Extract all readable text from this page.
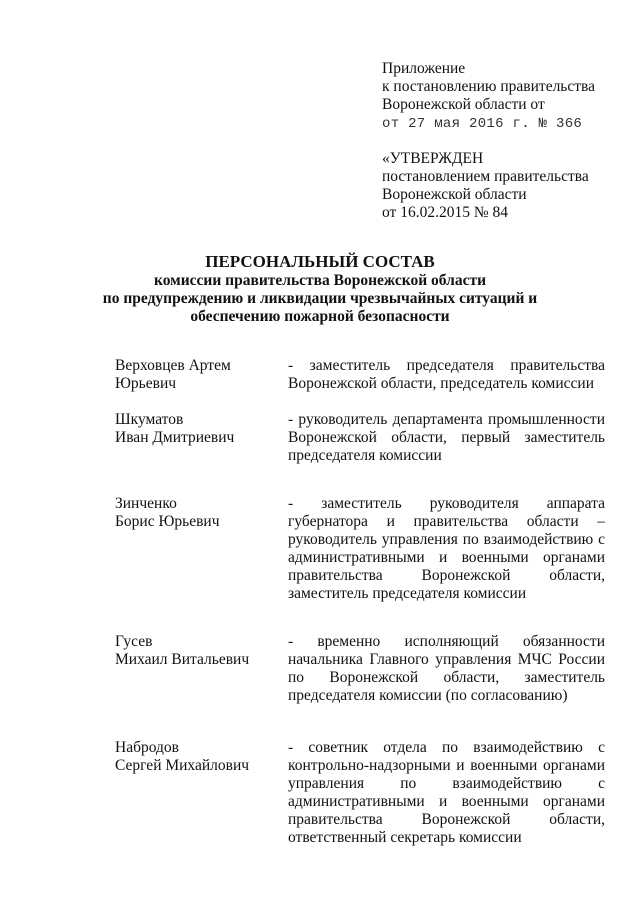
Приложение
к постановлению правительства
Воронежской области от
от 27 мая 2016 г. № 366
«УТВЕРЖДЕН
постановлением правительства
Воронежской области
от 16.02.2015 № 84
ПЕРСОНАЛЬНЫЙ СОСТАВ
комиссии правительства Воронежской области
по предупреждению и ликвидации чрезвычайных ситуаций и
обеспечению пожарной безопасности
Верховцев Артем
Юрьевич
- заместитель председателя правительства Воронежской области, председатель комиссии
Шкуматов
Иван Дмитриевич
- руководитель департамента промышленности Воронежской области, первый заместитель председателя комиссии
Зинченко
Борис Юрьевич
- заместитель руководителя аппарата губернатора и правительства области – руководитель управления по взаимодействию с административными и военными органами правительства Воронежской области, заместитель председателя комиссии
Гусев
Михаил Витальевич
- временно исполняющий обязанности начальника Главного управления МЧС России по Воронежской области, заместитель председателя комиссии (по согласованию)
Набродов
Сергей Михайлович
- советник отдела по взаимодействию с контрольно-надзорными и военными органами управления по взаимодействию с административными и военными органами правительства Воронежской области, ответственный секретарь комиссии
